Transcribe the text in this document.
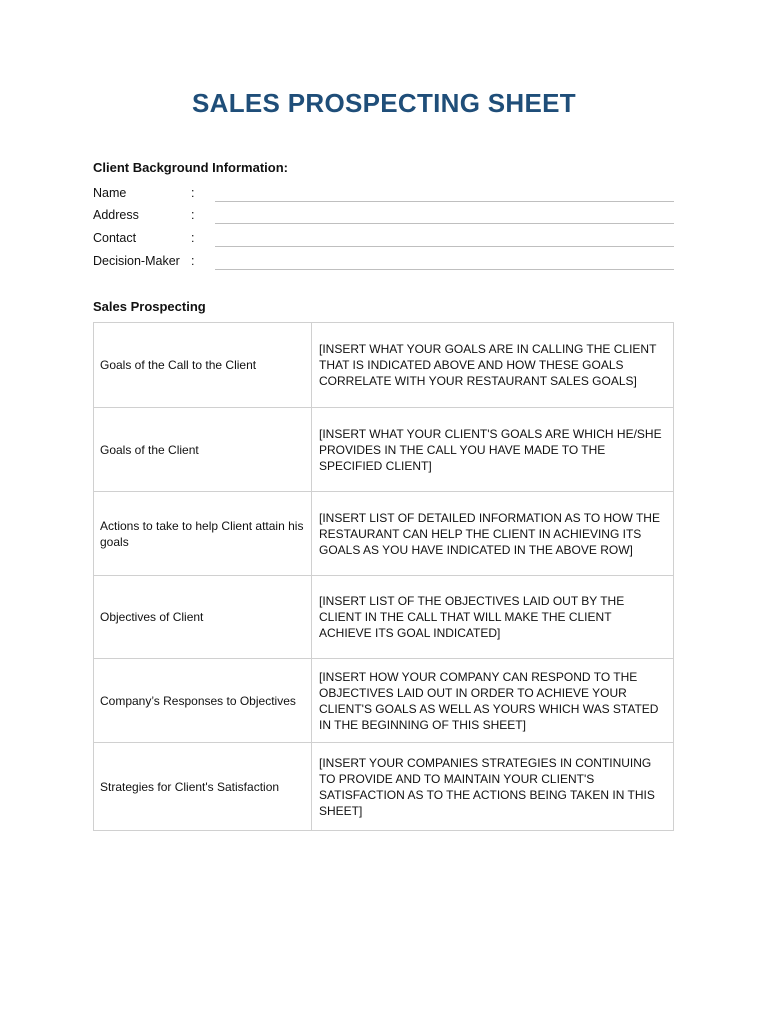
SALES PROSPECTING SHEET
Client Background Information:
Name	:
Address	:
Contact	:
Decision-Maker :
Sales Prospecting
Goals of the Call to the Client	[INSERT WHAT YOUR GOALS ARE IN CALLING THE CLIENT THAT IS INDICATED ABOVE AND HOW THESE GOALS CORRELATE WITH YOUR RESTAURANT SALES GOALS]
Goals of the Client	[INSERT WHAT YOUR CLIENT'S GOALS ARE WHICH HE/SHE PROVIDES IN THE CALL YOU HAVE MADE TO THE SPECIFIED CLIENT]
Actions to take to help Client attain his goals	[INSERT LIST OF DETAILED INFORMATION AS TO HOW THE RESTAURANT CAN HELP THE CLIENT IN ACHIEVING ITS GOALS AS YOU HAVE INDICATED IN THE ABOVE ROW]
Objectives of Client	[INSERT LIST OF THE OBJECTIVES LAID OUT BY THE CLIENT IN THE CALL THAT WILL MAKE THE CLIENT ACHIEVE ITS GOAL INDICATED]
Company’s Responses to Objectives	[INSERT HOW YOUR COMPANY CAN RESPOND TO THE OBJECTIVES LAID OUT IN ORDER TO ACHIEVE YOUR CLIENT'S GOALS AS WELL AS YOURS WHICH WAS STATED IN THE BEGINNING OF THIS SHEET]
Strategies for Client's Satisfaction	[INSERT YOUR COMPANIES STRATEGIES IN CONTINUING TO PROVIDE AND TO MAINTAIN YOUR CLIENT'S SATISFACTION AS TO THE ACTIONS BEING TAKEN IN THIS SHEET]
